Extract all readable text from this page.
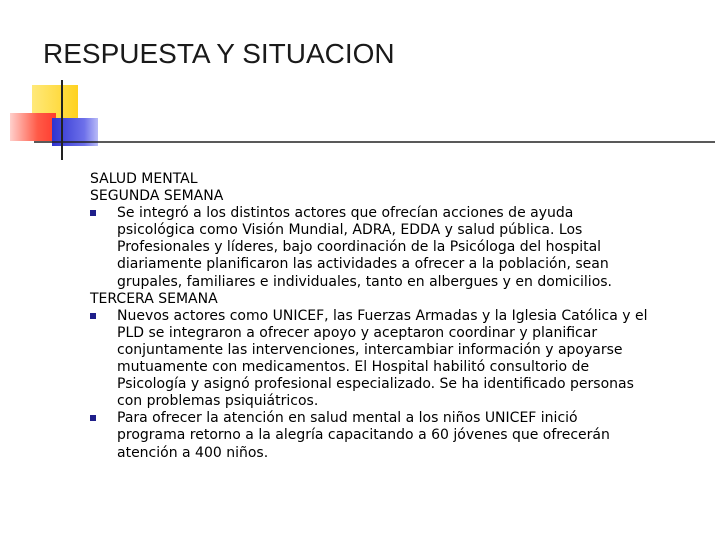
RESPUESTA Y SITUACION
SALUD MENTAL
SEGUNDA SEMANA
Se integró a los distintos actores que ofrecían acciones de ayuda
psicológica como Visión Mundial, ADRA, EDDA y salud pública. Los
Profesionales y líderes, bajo coordinación de la Psicóloga del hospital
diariamente planificaron las actividades a ofrecer a la población, sean
grupales, familiares e individuales, tanto en albergues y en domicilios.
TERCERA SEMANA
Nuevos actores como UNICEF, las Fuerzas Armadas y la Iglesia Católica y el
PLD se integraron a ofrecer apoyo y aceptaron coordinar y planificar
conjuntamente las intervenciones, intercambiar información y apoyarse
mutuamente con medicamentos. El Hospital habilitó consultorio de
Psicología y asignó profesional especializado. Se ha identificado personas
con problemas psiquiátricos.
Para ofrecer la atención en salud mental a los niños UNICEF inició
programa retorno a la alegría capacitando a 60 jóvenes que ofrecerán
atención a 400 niños.
